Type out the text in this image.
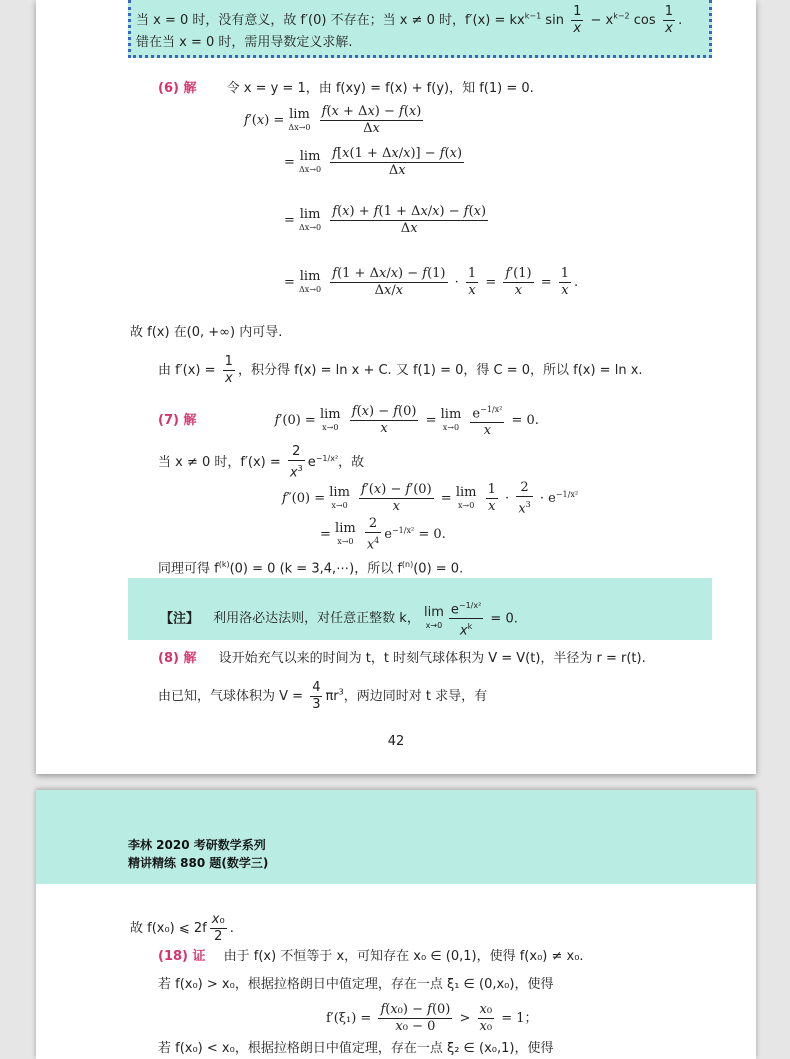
当 x = 0 时，没有意义，故 f′(0) 不存在；当 x ≠ 0 时，$f'(x) = kx^{k-1}$ $\sin \frac{1}{x} - x^{k-2}$ $\cos \frac{1}{x}$ .
错在当 x = 0 时，需用导数定义求解.
(6) 解 令 x = y = 1，由 f(xy) = f(x) + f(y)，知 f(1) = 0.
f′(x) = lim
Δx→0
$\frac{f(x + \Delta x) - f(x)}{\Delta x}$
= lim
Δx→0
$\frac{f[x(1 + \Delta x/x)] - f(x)}{\Delta x}$
= lim
Δx→0
$\frac{f(x) + f(1 + \Delta x/x) - f(x)}{\Delta x}$
= lim
Δx→0
$\frac{f(1 + \Delta x/x) - f(1)}{\Delta x/x} \cdot \frac{1}{x} = \frac{f'(1)}{x} = \frac{1}{x}$ .
故 f(x) 在(0, +∞) 内可导.
由 $f'(x) = \frac{1}{x}$ ，积分得 f(x) = ln x + C. 又 f(1) = 0，得 C = 0，所以 f(x) = ln x.
(7) 解	f′(0) = lim
x→0
$\frac{f(x) - f(0)}{x} = \lim$
x→0
$\frac{e^{-1/x^2}}{x} = 0$.
当 x ≠ 0 时，$f'(x) = \frac{2}{x^3} e^{-1/x^2}$，故
f″(0) = lim
x→0
$\frac{f'(x) - f'(0)}{x} = \lim$
x→0
$\frac{1}{x} \cdot \frac{2}{x^3} \cdot e^{-1/x^2}$
= lim
x→0
$\frac{2}{x^4} e^{-1/x^2} = 0$.
同理可得 $f^{(k)}(0) = 0$ (k = 3,4,⋯)，所以 $f^{(n)}(0) = 0$.
【注】 利用洛必达法则，对任意正整数 k， lim
$x\to 0 \frac{e^{-1/x^2}}{x^k} = 0$.
(8) 解 设开始充气以来的时间为 t，t 时刻气球体积为 V = V(t)，半径为 r = r(t).
由已知，气球体积为 $V = \frac{4}{3} \pi r^3$，两边同时对 t 求导，有
42
李林 2020 考研数学系列
精讲精练 880 题(数学三)
故 f(x₀) ⩽ $2f \frac{\text{x₀}}{2}$ .
(18) 证 由于 f(x) 不恒等于 x，可知存在 x₀ ∈ (0,1)，使得 f(x₀) ≠ x₀.
若 f(x₀) > x₀，根据拉格朗日中值定理，存在一点 ξ₁ ∈ (0,x₀)，使得
$f'(\xi_1) = \frac{\text{f(x₀) − f(0)}}{\text{x₀ − 0}} > \frac{\text{x₀}}{\text{x₀}} = 1$；
若 f(x₀) < x₀，根据拉格朗日中值定理，存在一点 ξ₂ ∈ (x₀,1)，使得
